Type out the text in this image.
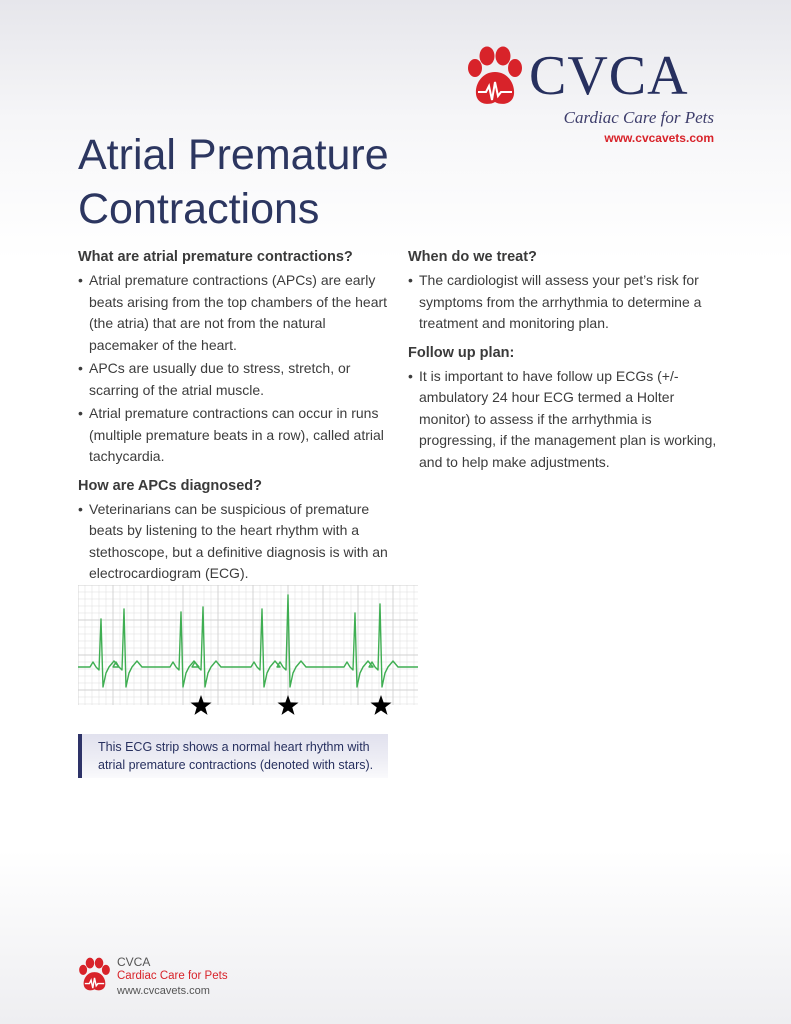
CVCA
Cardiac Care for Pets
www.cvcavets.com
Atrial Premature
Contractions
What are atrial premature contractions?
• Atrial premature contractions (APCs) are early beats arising from the top chambers of the heart (the atria) that are not from the natural pacemaker of the heart.
• APCs are usually due to stress, stretch, or scarring of the atrial muscle.
• Atrial premature contractions can occur in runs (multiple premature beats in a row), called atrial tachycardia.
How are APCs diagnosed?
• Veterinarians can be suspicious of premature beats by listening to the heart rhythm with a stethoscope, but a definitive diagnosis is with an electrocardiogram (ECG).
When do we treat?
• The cardiologist will assess your pet’s risk for symptoms from the arrhythmia to determine a treatment and monitoring plan.
Follow up plan:
• It is important to have follow up ECGs (+/- ambulatory 24 hour ECG termed a Holter monitor) to assess if the arrhythmia is progressing, if the management plan is working, and to help make adjustments.
This ECG strip shows a normal heart rhythm with atrial premature contractions (denoted with stars).
CVCA
Cardiac Care for Pets
www.cvcavets.com
